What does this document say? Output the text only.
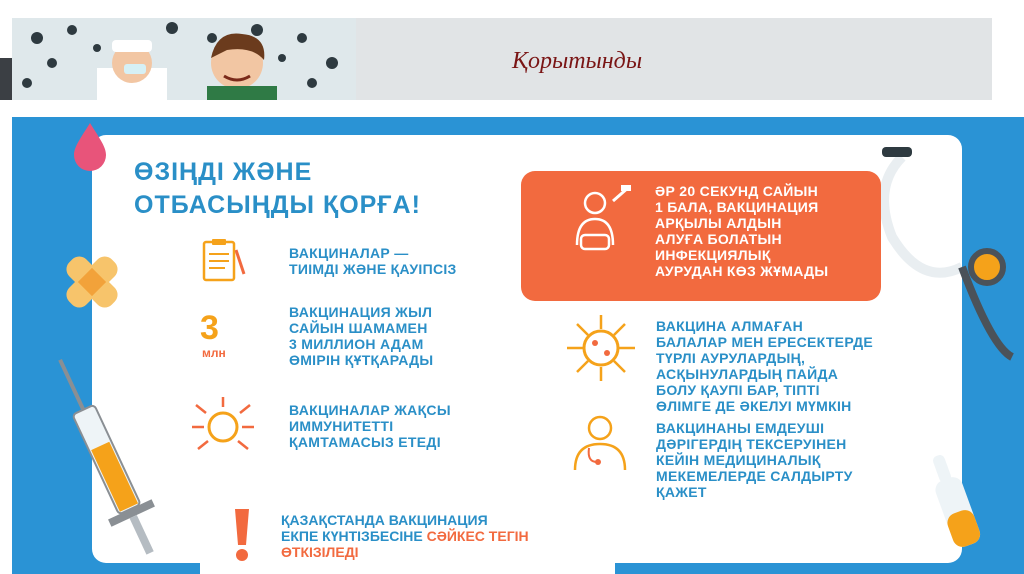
Қорытынды
ӨЗІҢДІ ЖӘНЕ
ОТБАСЫҢДЫ ҚОРҒА!
ВАКЦИНАЛАР —
ТИІМДІ ЖӘНЕ ҚАУІПСІЗ
3
млн
ВАКЦИНАЦИЯ ЖЫЛ
САЙЫН ШАМАМЕН
3 МИЛЛИОН АДАМ
ӨМІРІН ҚҰТҚАРАДЫ
ВАКЦИНАЛАР ЖАҚСЫ
ИММУНИТЕТТІ
ҚАМТАМАСЫЗ ЕТЕДІ
ӘР 20 СЕКУНД САЙЫН
1 БАЛА, ВАКЦИНАЦИЯ
АРҚЫЛЫ АЛДЫН
АЛУҒА БОЛАТЫН
ИНФЕКЦИЯЛЫҚ
АУРУДАН КӨЗ ЖҰМАДЫ
ВАКЦИНА АЛМАҒАН
БАЛАЛАР МЕН ЕРЕСЕКТЕРДЕ
ТҮРЛІ АУРУЛАРДЫҢ,
АСҚЫНУЛАРДЫҢ ПАЙДА
БОЛУ ҚАУПІ БАР, ТІПТІ
ӨЛІМГЕ ДЕ ӘКЕЛУІ МҮМКІН
ВАКЦИНАНЫ ЕМДЕУШІ
ДӘРІГЕРДІҢ ТЕКСЕРУІНЕН
КЕЙІН МЕДИЦИНАЛЫҚ
МЕКЕМЕЛЕРДЕ САЛДЫРТУ
ҚАЖЕТ
ҚАЗАҚСТАНДА ВАКЦИНАЦИЯ
ЕКПЕ КҮНТІЗБЕСІНЕ СӘЙКЕС ТЕГІН
ӨТКІЗІЛЕДІ
